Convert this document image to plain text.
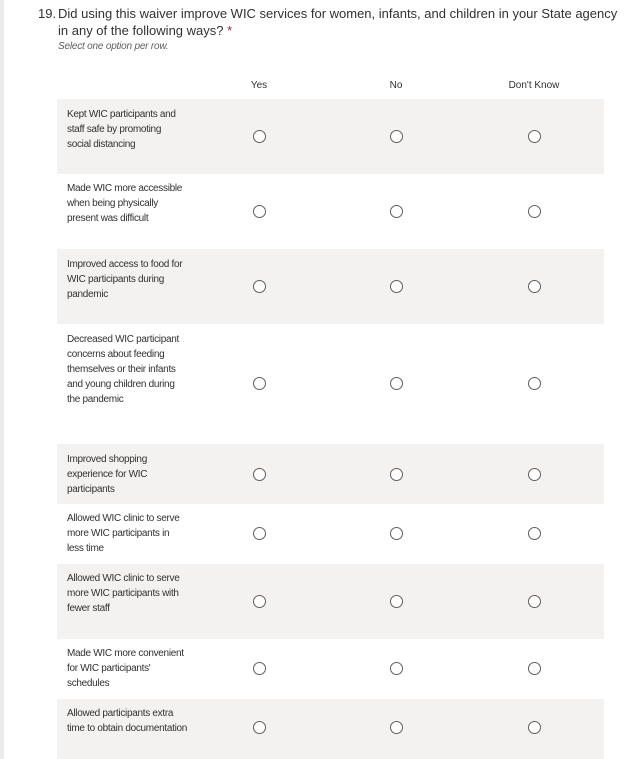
19. Did using this waiver improve WIC services for women, infants, and children in your State agency in any of the following ways? *
Select one option per row.
Yes	No	Don't Know
Kept WIC participants and staff safe by promoting social distancing
Made WIC more accessible when being physically present was difficult
Improved access to food for WIC participants during pandemic
Decreased WIC participant concerns about feeding themselves or their infants and young children during the pandemic
Improved shopping experience for WIC participants
Allowed WIC clinic to serve more WIC participants in less time
Allowed WIC clinic to serve more WIC participants with fewer staff
Made WIC more convenient for WIC participants' schedules
Allowed participants extra time to obtain documentation
